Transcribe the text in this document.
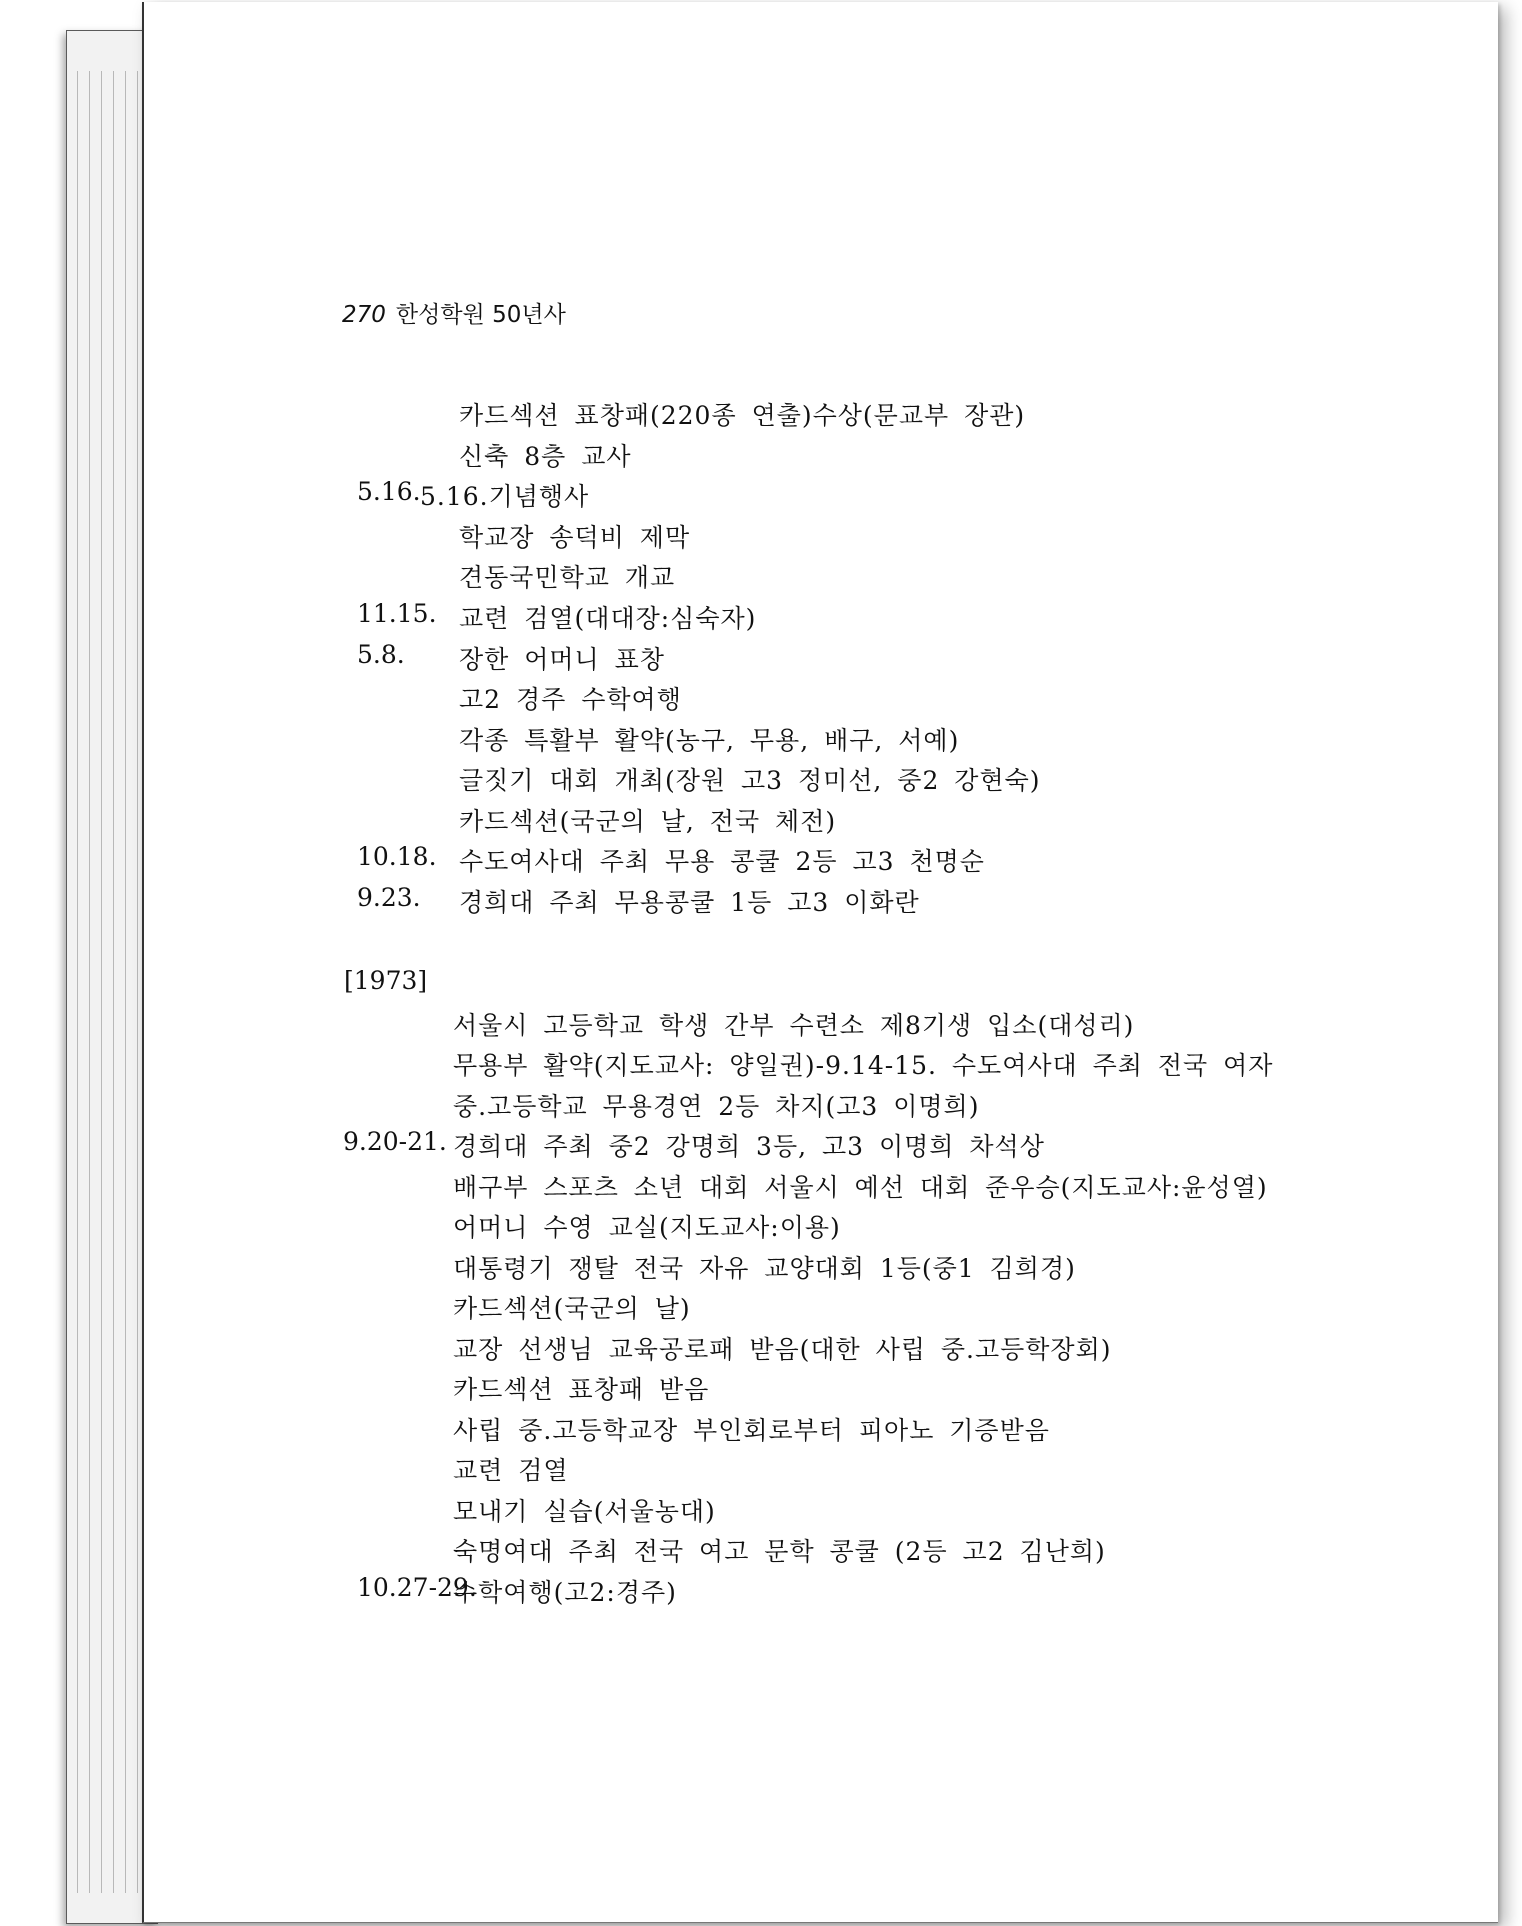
270 한성학원 50년사
카드섹션 표창패(220종 연출)수상(문교부 장관)
신축 8층 교사
5.16. 5.16.기념행사
학교장 송덕비 제막
견동국민학교 개교
11.15. 교련 검열(대대장:심숙자)
5.8. 장한 어머니 표창
고2 경주 수학여행
각종 특활부 활약(농구, 무용, 배구, 서예)
글짓기 대회 개최(장원 고3 정미선, 중2 강현숙)
카드섹션(국군의 날, 전국 체전)
10.18. 수도여사대 주최 무용 콩쿨 2등 고3 천명순
9.23. 경희대 주최 무용콩쿨 1등 고3 이화란
[1973]
서울시 고등학교 학생 간부 수련소 제8기생 입소(대성리)
무용부 활약(지도교사: 양일권)-9.14-15. 수도여사대 주최 전국 여자
중.고등학교 무용경연 2등 차지(고3 이명희)
9.20-21. 경희대 주최 중2 강명희 3등, 고3 이명희 차석상
배구부 스포츠 소년 대회 서울시 예선 대회 준우승(지도교사:윤성열)
어머니 수영 교실(지도교사:이용)
대통령기 쟁탈 전국 자유 교양대회 1등(중1 김희경)
카드섹션(국군의 날)
교장 선생님 교육공로패 받음(대한 사립 중.고등학장회)
카드섹션 표창패 받음
사립 중.고등학교장 부인회로부터 피아노 기증받음
교련 검열
모내기 실습(서울농대)
숙명여대 주최 전국 여고 문학 콩쿨 (2등 고2 김난희)
10.27-29.
수학여행(고2:경주)
